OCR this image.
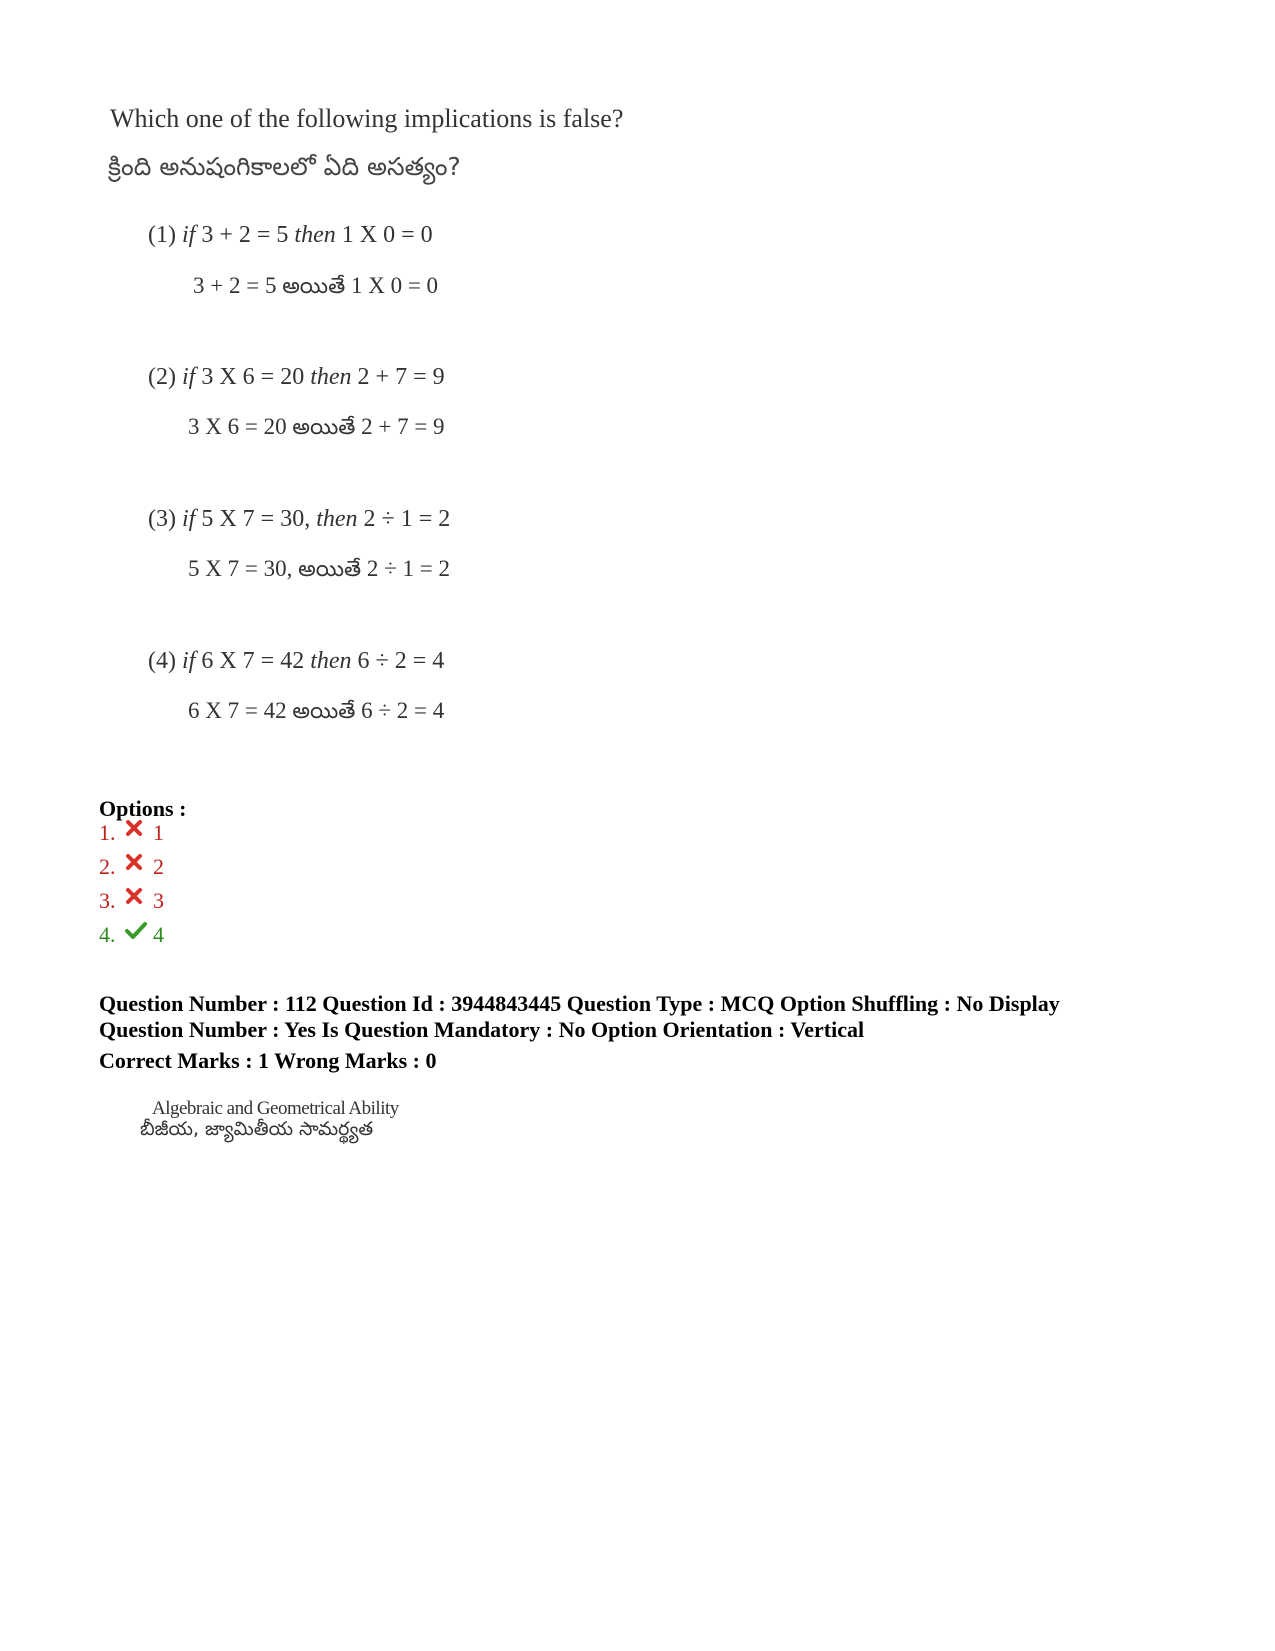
Which one of the following implications is false?
క్రింది అనుషంగికాలలో ఏది అసత్యం?
(1) if 3 + 2 = 5 then 1 X 0 = 0
3 + 2 = 5 అయితే 1 X 0 = 0
(2) if 3 X 6 = 20 then 2 + 7 = 9
3 X 6 = 20 అయితే 2 + 7 = 9
(3) if 5 X 7 = 30, then 2 ÷ 1 = 2
5 X 7 = 30, అయితే 2 ÷ 1 = 2
(4) if 6 X 7 = 42 then 6 ÷ 2 = 4
6 X 7 = 42 అయితే 6 ÷ 2 = 4
Options :
1.	1
2.	2
3.	3
4.	4
Question Number : 112 Question Id : 3944843445 Question Type : MCQ Option Shuffling : No Display
Question Number : Yes Is Question Mandatory : No Option Orientation : Vertical
Correct Marks : 1 Wrong Marks : 0
Algebraic and Geometrical Ability
బీజీయ, జ్యామితీయ సామర్థ్యత
